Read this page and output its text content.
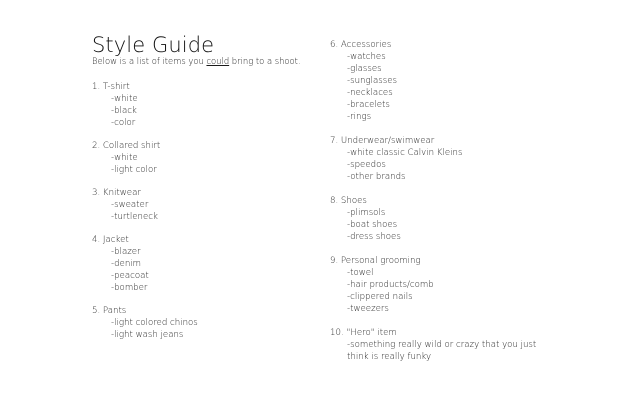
Style Guide

Below is a list of items you could bring to a shoot.

1. T-shirt
-white
-black
-color
2. Collared shirt
-white
-light color
3. Knitwear
-sweater
-turtleneck
4. Jacket
-blazer
-denim
-peacoat
-bomber
5. Pants
-light colored chinos
-light wash jeans
6. Accessories
-watches
-glasses
-sunglasses
-necklaces
-bracelets
-rings
7. Underwear/swimwear
-white classic Calvin Kleins
-speedos
-other brands
8. Shoes
-plimsols
-boat shoes
-dress shoes
9. Personal grooming
-towel
-hair products/comb
-clippered nails
-tweezers
10. "Hero" item
-something really wild or crazy that you just think is really funky
